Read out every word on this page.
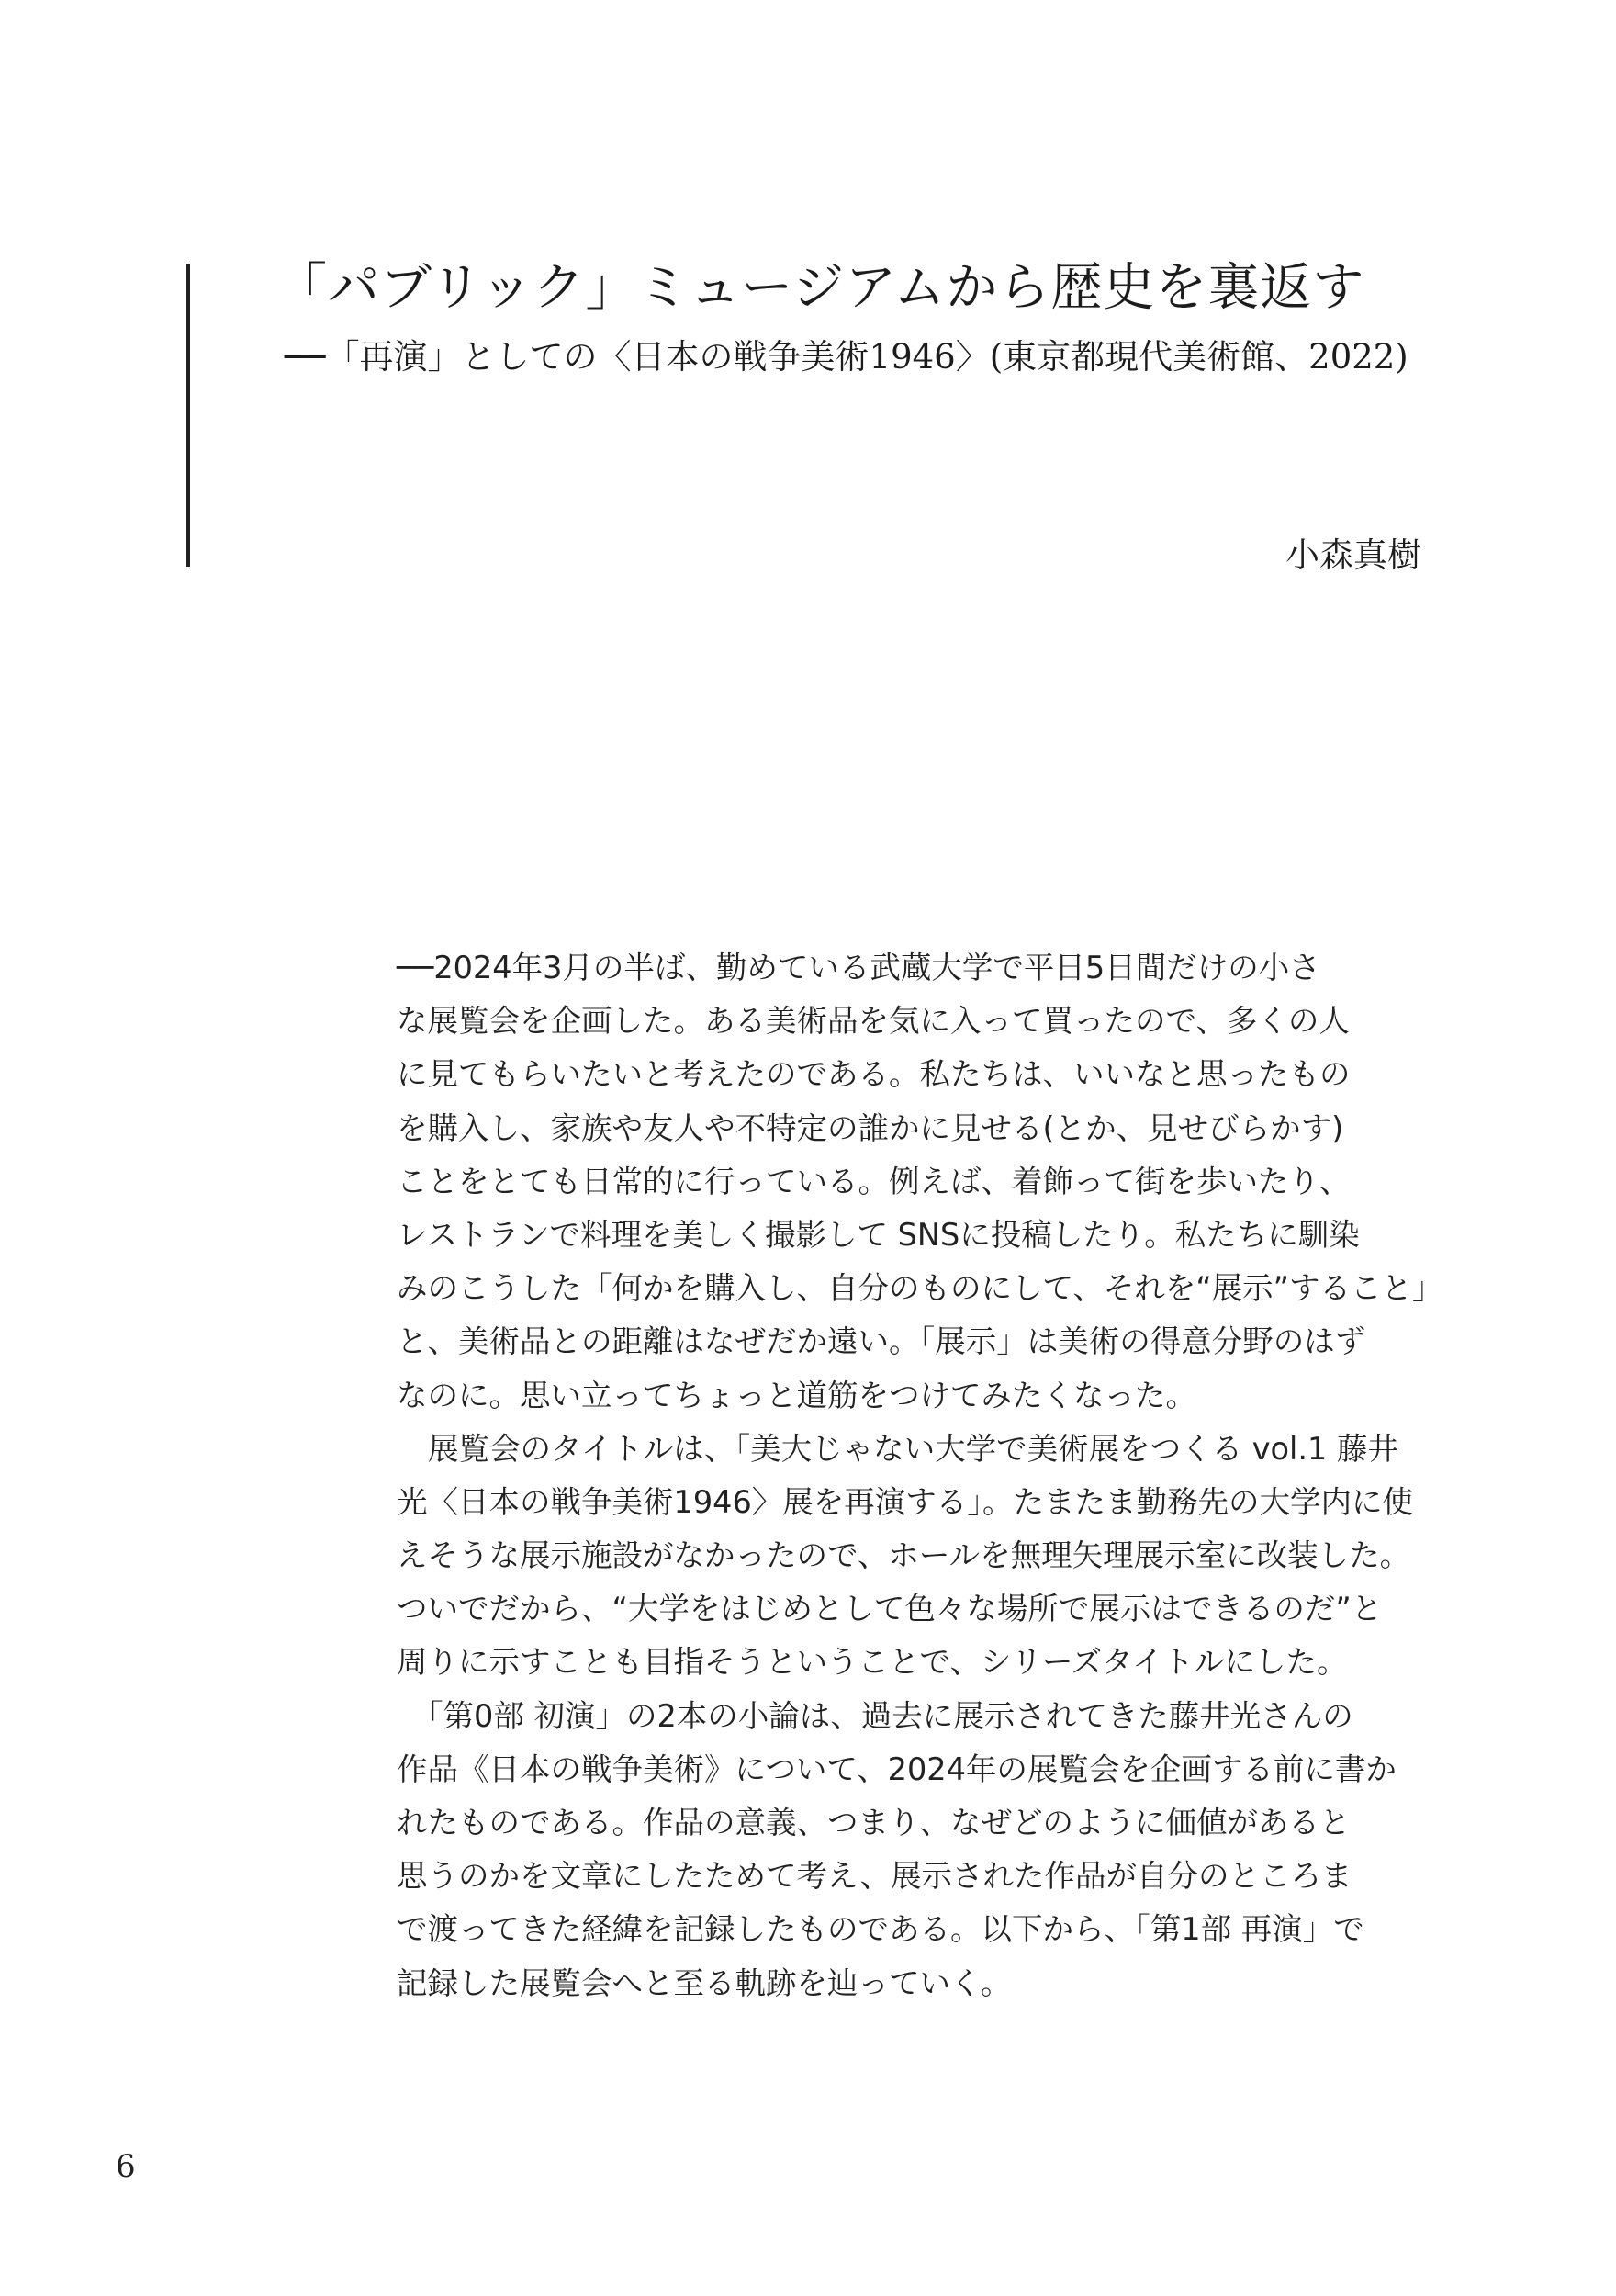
「パブリック」ミュージアムから歴史を裏返す
──「再演」としての〈日本の戦争美術1946〉(東京都現代美術館、2022)
小森真樹
──2024年3月の半ば、勤めている武蔵大学で平日5日間だけの小さ
な展覧会を企画した。ある美術品を気に入って買ったので、多くの人
に見てもらいたいと考えたのである。私たちは、いいなと思ったもの
を購入し、家族や友人や不特定の誰かに見せる(とか、見せびらかす)
ことをとても日常的に行っている。例えば、着飾って街を歩いたり、
レストランで料理を美しく撮影して SNSに投稿したり。私たちに馴染
みのこうした「何かを購入し、自分のものにして、それを“展示”すること」
と、美術品との距離はなぜだか遠い。「展示」は美術の得意分野のはず
なのに。思い立ってちょっと道筋をつけてみたくなった。
展覧会のタイトルは、「美大じゃない大学で美術展をつくる vol.1 藤井
光〈日本の戦争美術1946〉展を再演する」。たまたま勤務先の大学内に使
えそうな展示施設がなかったので、ホールを無理矢理展示室に改装した。
ついでだから、“大学をはじめとして色々な場所で展示はできるのだ”と
周りに示すことも目指そうということで、シリーズタイトルにした。
「第0部 初演」の2本の小論は、過去に展示されてきた藤井光さんの
作品《日本の戦争美術》について、2024年の展覧会を企画する前に書か
れたものである。作品の意義、つまり、なぜどのように価値があると
思うのかを文章にしたためて考え、展示された作品が自分のところま
で渡ってきた経緯を記録したものである。以下から、「第1部 再演」で
記録した展覧会へと至る軌跡を辿っていく。
6
